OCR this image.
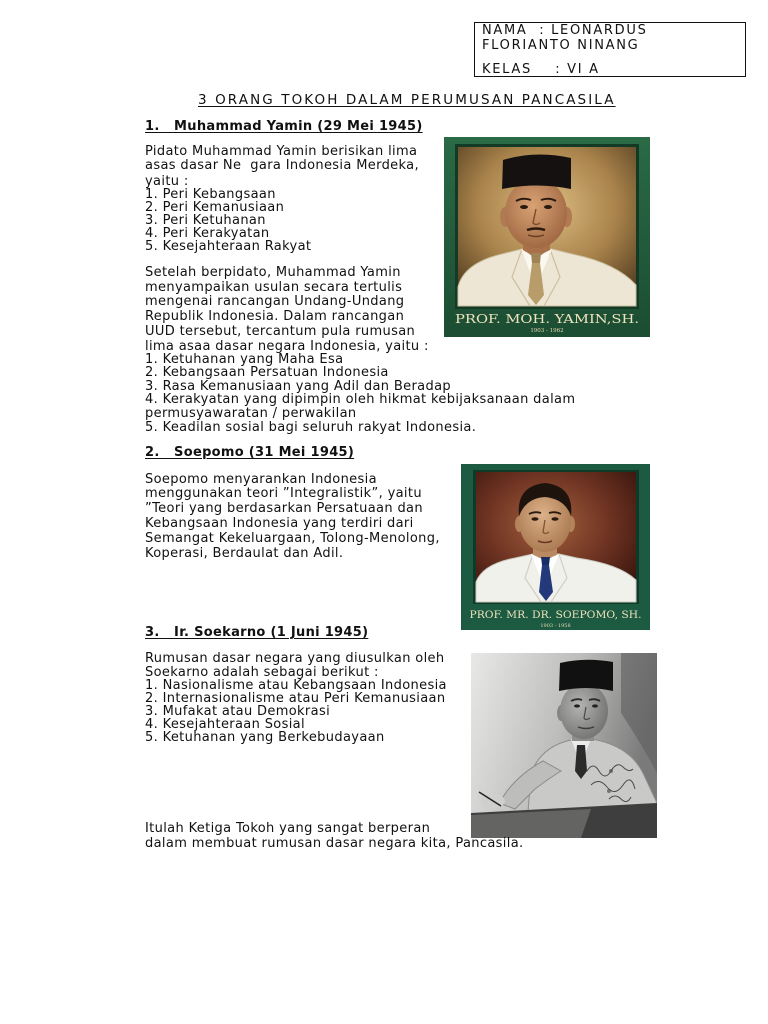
NAMA  : LEONARDUS
FLORIANTO NINANG
KELAS    : VI A
3 ORANG TOKOH DALAM PERUMUSAN PANCASILA
1.   Muhammad Yamin (29 Mei 1945)
Pidato Muhammad Yamin berisikan lima
asas dasar Ne  gara Indonesia Merdeka,
yaitu :
1. Peri Kebangsaan
2. Peri Kemanusiaan
3. Peri Ketuhanan
4. Peri Kerakyatan
5. Kesejahteraan Rakyat
Setelah berpidato, Muhammad Yamin
menyampaikan usulan secara tertulis
mengenai rancangan Undang-Undang
Republik Indonesia. Dalam rancangan
UUD tersebut, tercantum pula rumusan
lima asaa dasar negara Indonesia, yaitu :
1. Ketuhanan yang Maha Esa
2. Kebangsaan Persatuan Indonesia
3. Rasa Kemanusiaan yang Adil dan Beradap
4. Kerakyatan yang dipimpin oleh hikmat kebijaksanaan dalam
permusyawaratan / perwakilan
5. Keadilan sosial bagi seluruh rakyat Indonesia.
PROF. MOH. YAMIN,SH.
1903 - 1962
2.   Soepomo (31 Mei 1945)
Soepomo menyarankan Indonesia
menggunakan teori ”Integralistik”, yaitu
”Teori yang berdasarkan Persatuaan dan
Kebangsaan Indonesia yang terdiri dari
Semangat Kekeluargaan, Tolong-Menolong,
Koperasi, Berdaulat dan Adil.
PROF. MR. DR. SOEPOMO, SH.
1903 - 1958
3.   Ir. Soekarno (1 Juni 1945)
Rumusan dasar negara yang diusulkan oleh
Soekarno adalah sebagai berikut :
1. Nasionalisme atau Kebangsaan Indonesia
2. Internasionalisme atau Peri Kemanusiaan
3. Mufakat atau Demokrasi
4. Kesejahteraan Sosial
5. Ketuhanan yang Berkebudayaan
Itulah Ketiga Tokoh yang sangat berperan
dalam membuat rumusan dasar negara kita, Pancasila.
